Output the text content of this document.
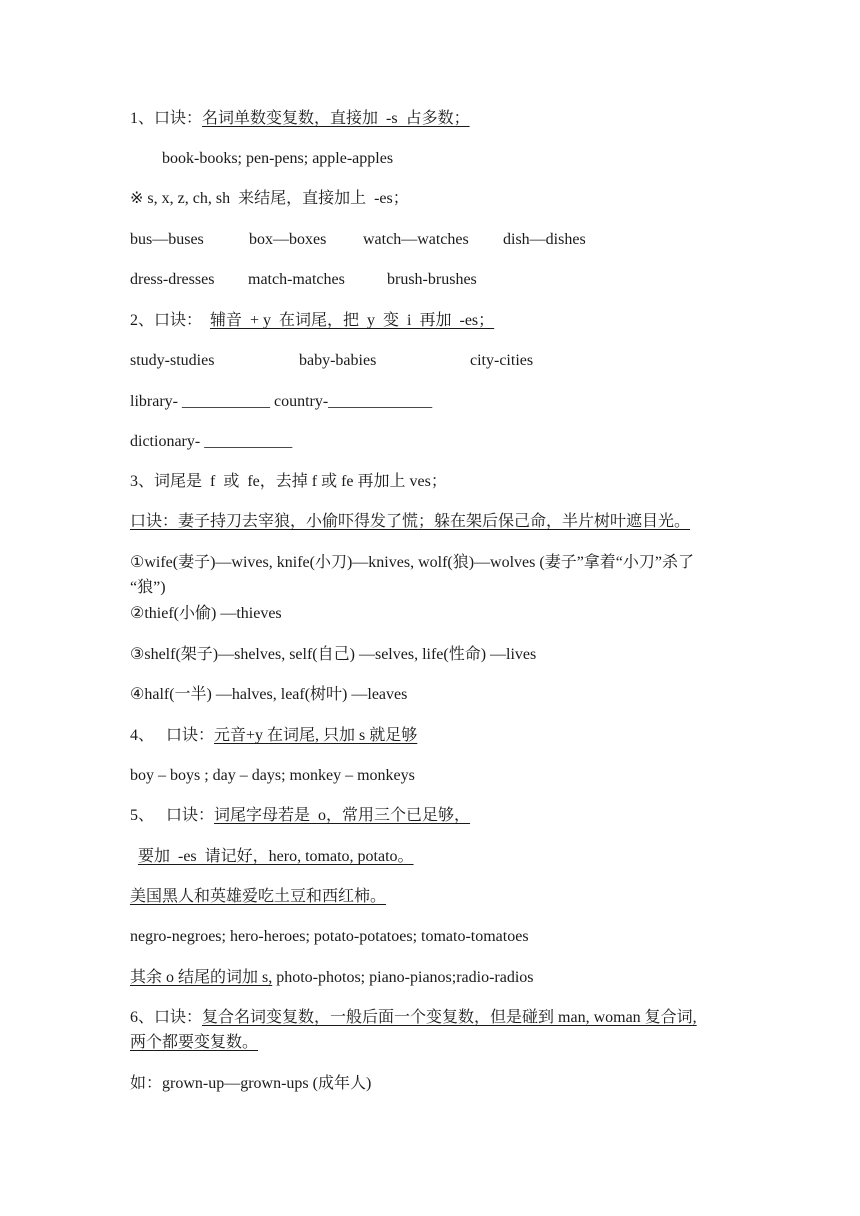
1、口诀：名词单数变复数，直接加  -s  占多数；
book-books; pen-pens; apple-apples
※ s, x, z, ch, sh  来结尾，直接加上  -es；
bus—buses	box—boxes watch—watches dish—dishes
dress-dresses match-matches	brush-brushes
2、口诀：  辅音  + y  在词尾，把  y  变  i  再加  -es；
study-studies	baby-babies	city-cities
library- ___________ country-_____________
dictionary- ___________
3、词尾是  f  或  fe，去掉 f 或 fe 再加上 ves；
口诀：妻子持刀去宰狼，小偷吓得发了慌；躲在架后保己命，半片树叶遮目光。
①wife(妻子)—wives, knife(小刀)—knives, wolf(狼)—wolves (妻子”拿着“小刀”杀了
“狼”)
②thief(小偷) —thieves
③shelf(架子)—shelves, self(自己) —selves, life(性命) —lives
④half(一半) —halves, leaf(树叶) —leaves
4、   口诀：元音+y 在词尾, 只加 s 就足够
boy – boys ; day – days; monkey – monkeys
5、   口诀：词尾字母若是  o，常用三个已足够，
要加  -es  请记好，hero, tomato, potato。
美国黑人和英雄爱吃土豆和西红柿。
negro-negroes; hero-heroes; potato-potatoes; tomato-tomatoes
其余 o 结尾的词加 s, photo-photos; piano-pianos;radio-radios
6、口诀：复合名词变复数，一般后面一个变复数，但是碰到 man, woman 复合词,
两个都要变复数。
如：grown-up—grown-ups (成年人)
